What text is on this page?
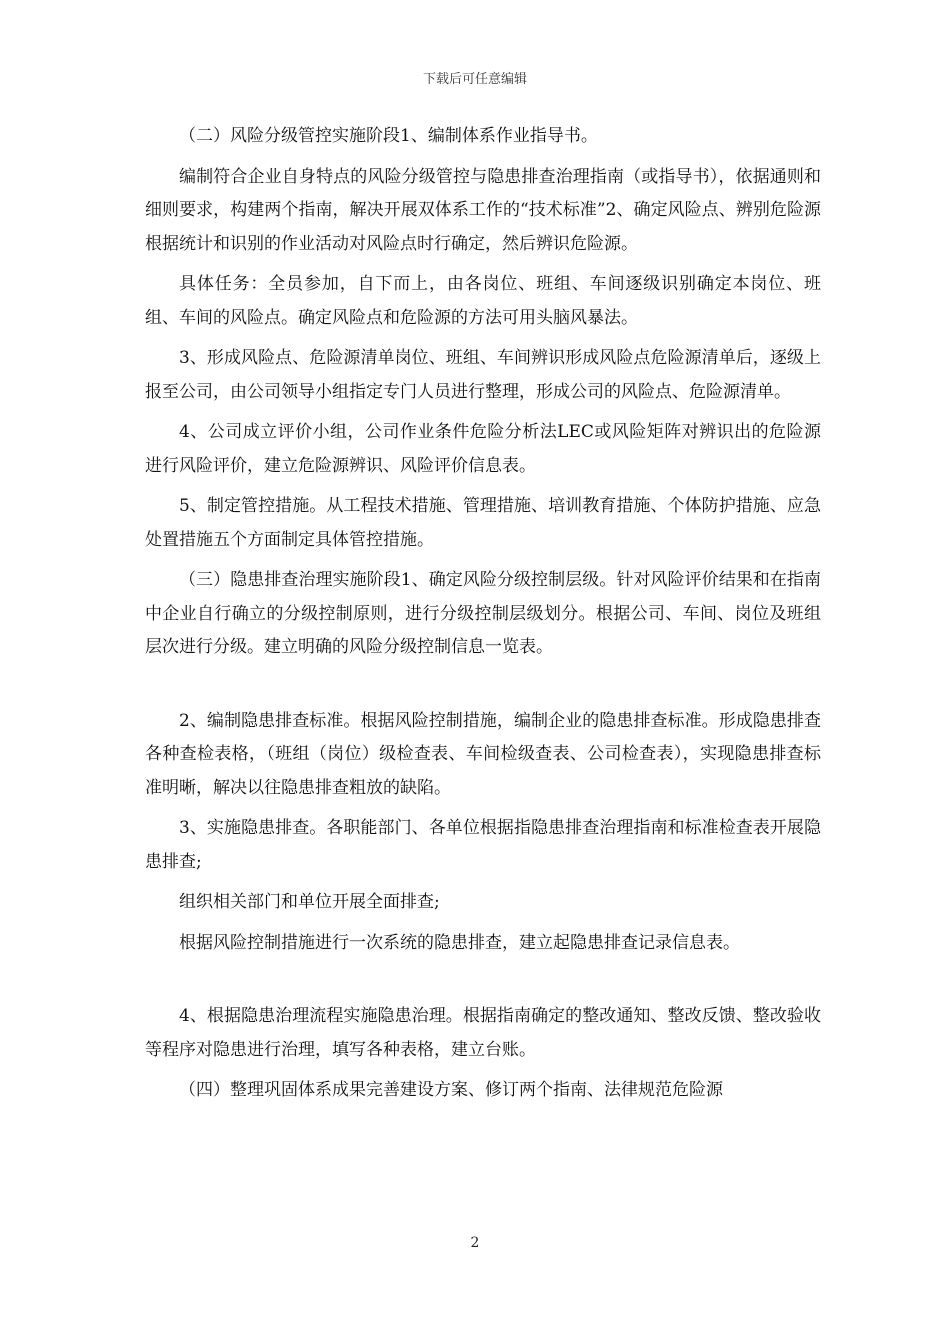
下载后可任意编辑

（二）风险分级管控实施阶段1、编制体系作业指导书。

编制符合企业自身特点的风险分级管控与隐患排查治理指南（或指导书），依据通则和细则要求，构建两个指南，解决开展双体系工作的“技术标准”2、确定风险点、辨别危险源根据统计和识别的作业活动对风险点时行确定，然后辨识危险源。

具体任务：全员参加，自下而上，由各岗位、班组、车间逐级识别确定本岗位、班组、车间的风险点。确定风险点和危险源的方法可用头脑风暴法。

3、形成风险点、危险源清单岗位、班组、车间辨识形成风险点危险源清单后，逐级上报至公司，由公司领导小组指定专门人员进行整理，形成公司的风险点、危险源清单。

4、公司成立评价小组，公司作业条件危险分析法LEC或风险矩阵对辨识出的危险源进行风险评价，建立危险源辨识、风险评价信息表。

5、制定管控措施。从工程技术措施、管理措施、培训教育措施、个体防护措施、应急处置措施五个方面制定具体管控措施。

（三）隐患排查治理实施阶段1、确定风险分级控制层级。针对风险评价结果和在指南中企业自行确立的分级控制原则，进行分级控制层级划分。根据公司、车间、岗位及班组层次进行分级。建立明确的风险分级控制信息一览表。

2、编制隐患排查标准。根据风险控制措施，编制企业的隐患排查标准。形成隐患排查各种查检表格，（班组（岗位）级检查表、车间检级查表、公司检查表），实现隐患排查标准明晰，解决以往隐患排查粗放的缺陷。

3、实施隐患排查。各职能部门、各单位根据指隐患排查治理指南和标准检查表开展隐患排查;

组织相关部门和单位开展全面排查;

根据风险控制措施进行一次系统的隐患排查，建立起隐患排查记录信息表。

4、根据隐患治理流程实施隐患治理。根据指南确定的整改通知、整改反馈、整改验收等程序对隐患进行治理，填写各种表格，建立台账。

（四）整理巩固体系成果完善建设方案、修订两个指南、法律规范危险源

2
